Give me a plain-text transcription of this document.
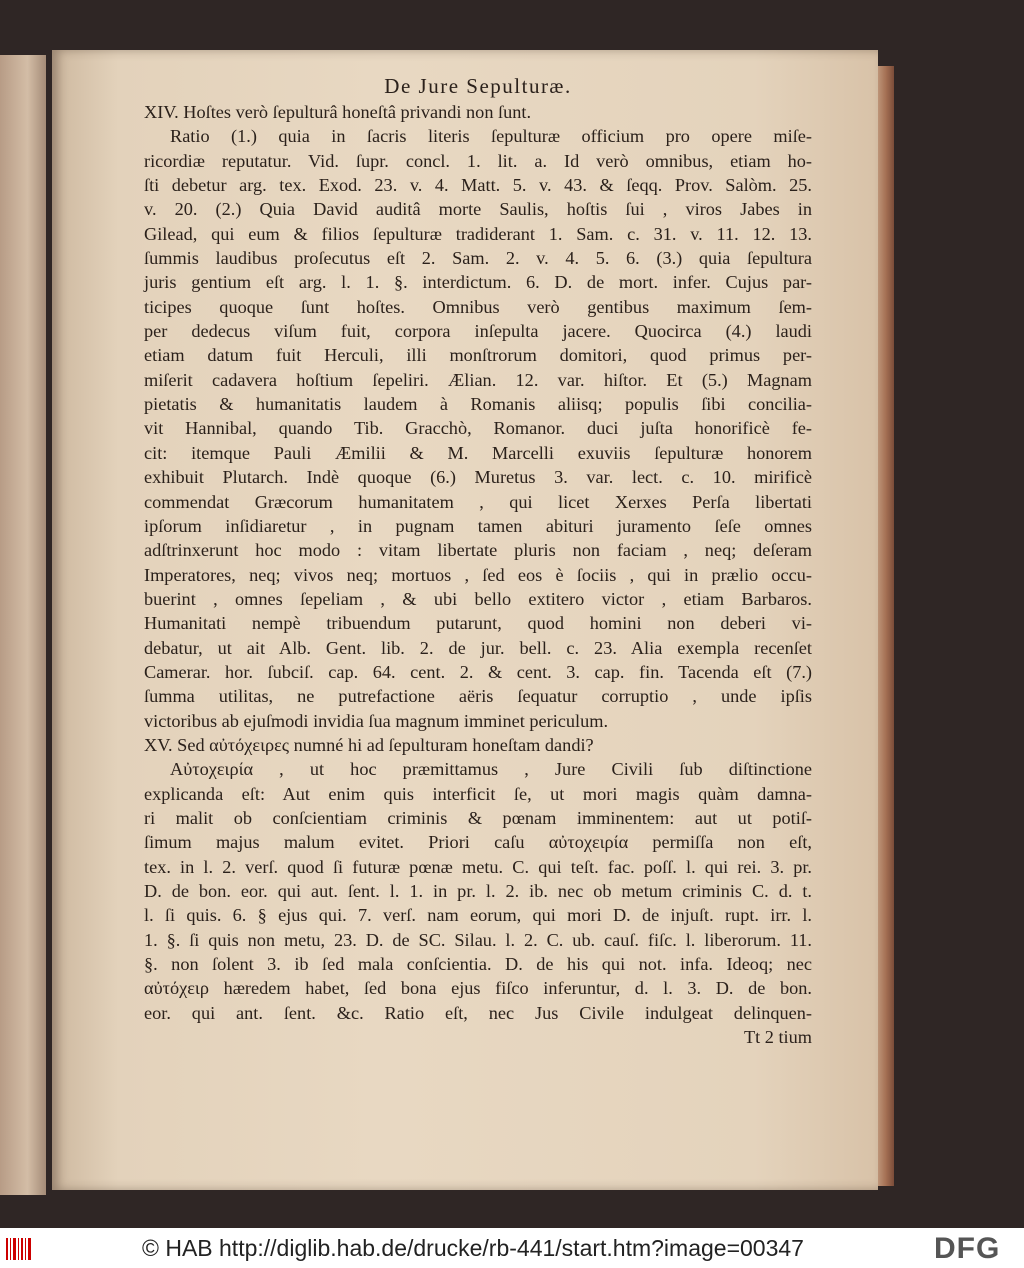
De Jure Sepulturæ.
XIV. Hoſtes verò ſepulturâ honeſtâ privandi non ſunt.
Ratio (1.) quia in ſacris literis ſepulturæ officium pro opere miſe-
ricordiæ reputatur. Vid. ſupr. concl. 1. lit. a. Id verò omnibus, etiam ho-
ſti debetur arg. tex. Exod. 23. v. 4. Matt. 5. v. 43. & ſeqq. Prov. Salòm. 25.
v. 20. (2.) Quia David auditâ morte Saulis, hoſtis ſui , viros Jabes in
Gilead, qui eum & filios ſepulturæ tradiderant 1. Sam. c. 31. v. 11. 12. 13.
ſummis laudibus proſecutus eſt 2. Sam. 2. v. 4. 5. 6. (3.) quia ſepultura
juris gentium eſt arg. l. 1. §. interdictum. 6. D. de mort. infer. Cujus par-
ticipes quoque ſunt hoſtes. Omnibus verò gentibus maximum ſem-
per dedecus viſum fuit, corpora inſepulta jacere. Quocirca (4.) laudi
etiam datum fuit Herculi, illi monſtrorum domitori, quod primus per-
miſerit cadavera hoſtium ſepeliri. Ælian. 12. var. hiſtor. Et (5.) Magnam
pietatis & humanitatis laudem à Romanis aliisq; populis ſibi concilia-
vit Hannibal, quando Tib. Gracchò, Romanor. duci juſta honorificè fe-
cit: itemque Pauli Æmilii & M. Marcelli exuviis ſepulturæ honorem
exhibuit Plutarch. Indè quoque (6.) Muretus 3. var. lect. c. 10. mirificè
commendat Græcorum humanitatem , qui licet Xerxes Perſa libertati
ipſorum inſidiaretur , in pugnam tamen abituri juramento ſeſe omnes
adſtrinxerunt hoc modo : vitam libertate pluris non faciam , neq; deſeram
Imperatores, neq; vivos neq; mortuos , ſed eos è ſociis , qui in prælio occu-
buerint , omnes ſepeliam , & ubi bello extitero victor , etiam Barbaros.
Humanitati nempè tribuendum putarunt, quod homini non deberi vi-
debatur, ut ait Alb. Gent. lib. 2. de jur. bell. c. 23. Alia exempla recenſet
Camerar. hor. ſubciſ. cap. 64. cent. 2. & cent. 3. cap. fin. Tacenda eſt (7.)
ſumma utilitas, ne putrefactione aëris ſequatur corruptio , unde ipſis
victoribus ab ejuſmodi invidia ſua magnum imminet periculum.
XV. Sed αὐτόχειρες numné hi ad ſepulturam honeſtam dandi?
Αὐτοχειρία , ut hoc præmittamus , Jure Civili ſub diſtinctione
explicanda eſt: Aut enim quis interficit ſe, ut mori magis quàm damna-
ri malit ob conſcientiam criminis & pœnam imminentem: aut ut potiſ-
ſimum majus malum evitet. Priori caſu αὐτοχειρία permiſſa non eſt,
tex. in l. 2. verſ. quod ſi futuræ pœnæ metu. C. qui teſt. fac. poſſ. l. qui rei. 3. pr.
D. de bon. eor. qui aut. ſent. l. 1. in pr. l. 2. ib. nec ob metum criminis C. d. t.
l. ſi quis. 6. § ejus qui. 7. verſ. nam eorum, qui mori D. de injuſt. rupt. irr. l.
1. §. ſi quis non metu, 23. D. de SC. Silau. l. 2. C. ub. cauſ. fiſc. l. liberorum. 11.
§. non ſolent 3. ib ſed mala conſcientia. D. de his qui not. infa. Ideoq; nec
αὐτόχειρ hæredem habet, ſed bona ejus fiſco inferuntur, d. l. 3. D. de bon.
eor. qui ant. ſent. &c. Ratio eſt, nec Jus Civile indulgeat delinquen-
Tt 2 tium
© HAB http://diglib.hab.de/drucke/rb-441/start.htm?image=00347	DFG
